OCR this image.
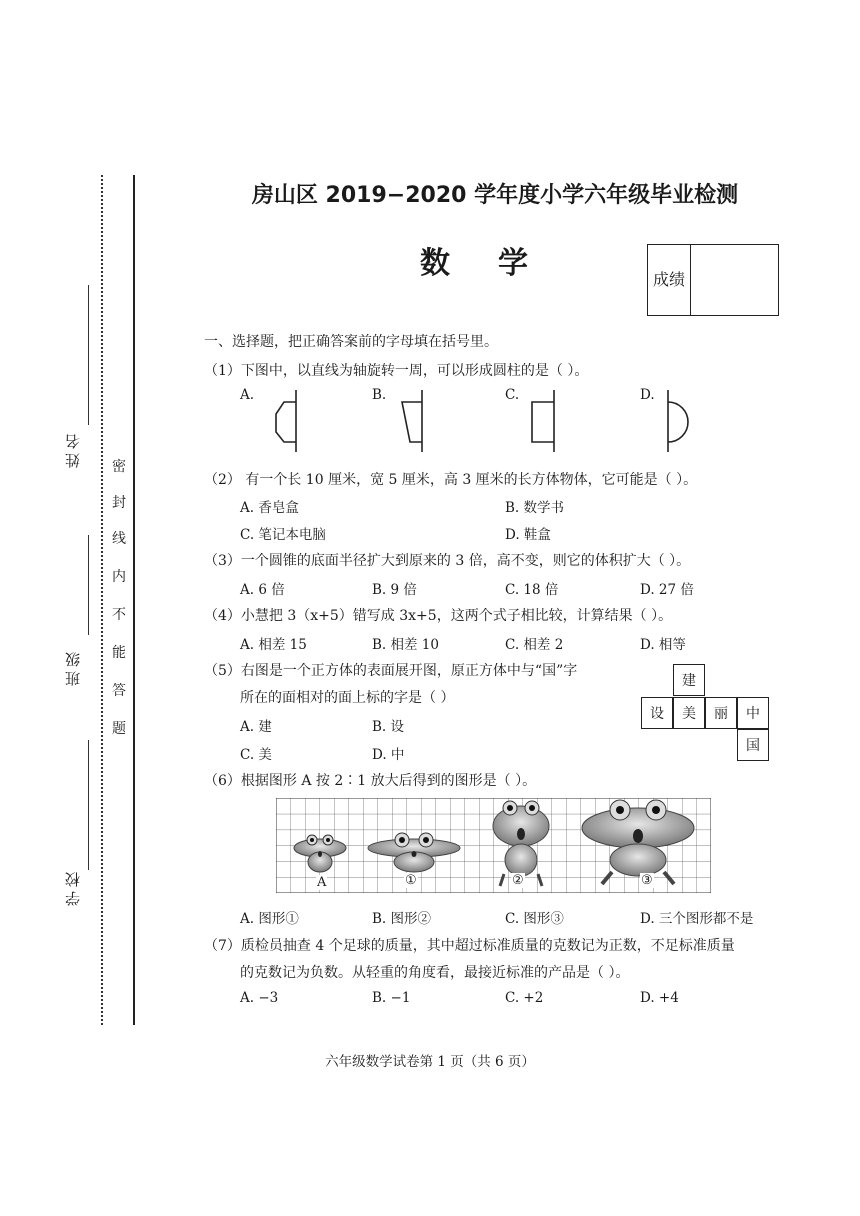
姓名
班级
学校
密
封
线
内
不
能
答
题
房山区 2019−2020 学年度小学六年级毕业检测
数学	成绩
一、选择题，把正确答案前的字母填在括号里。
（1）下图中，以直线为轴旋转一周，可以形成圆柱的是（ ）。
A.	B.	C.	D.
（2） 有一个长 10 厘米，宽 5 厘米，高 3 厘米的长方体物体，它可能是（ ）。
A. 香皂盒	B. 数学书
C. 笔记本电脑	D. 鞋盒
（3）一个圆锥的底面半径扩大到原来的 3 倍，高不变，则它的体积扩大（ ）。
A. 6 倍	B. 9 倍	C. 18 倍	D. 27 倍
（4）小慧把 3（x+5）错写成 3x+5，这两个式子相比较，计算结果（ ）。
A. 相差 15	B. 相差 10	C. 相差 2	D. 相等
（5）右图是一个正方体的表面展开图，原正方体中与“国”字
所在的面相对的面上标的字是（ ）
A. 建	B. 设
C. 美	D. 中
建
设	美	丽	中
国
（6）根据图形 A 按 2∶1 放大后得到的图形是（ ）。
A	①	②	③
A. 图形①	B. 图形②	C. 图形③	D. 三个图形都不是
（7）质检员抽查 4 个足球的质量，其中超过标准质量的克数记为正数，不足标准质量
的克数记为负数。从轻重的角度看，最接近标准的产品是（ ）。
A. −3	B. −1	C. +2	D. +4
六年级数学试卷第 1 页（共 6 页）
